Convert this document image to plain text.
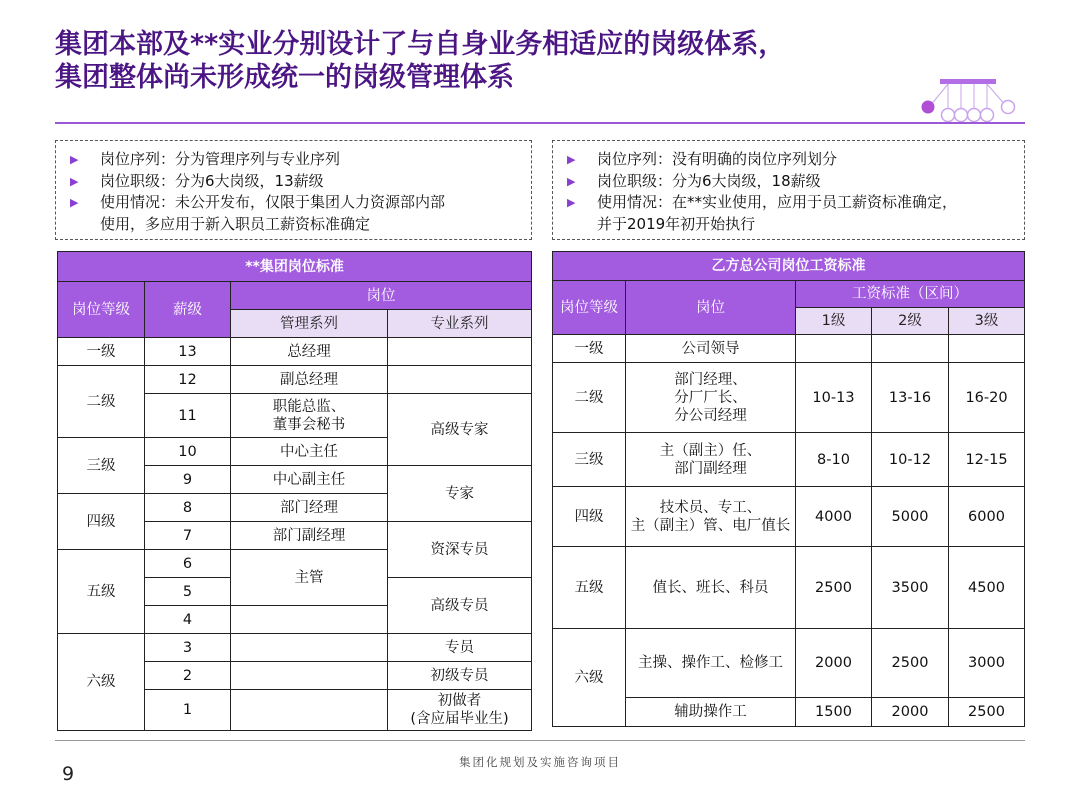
集团本部及**实业分别设计了与自身业务相适应的岗级体系，
集团整体尚未形成统一的岗级管理体系
▶ 岗位序列：分为管理序列与专业序列
▶ 岗位职级：分为6大岗级，13薪级
▶ 使用情况：未公开发布，仅限于集团人力资源部内部
使用，多应用于新入职员工薪资标准确定
▶ 岗位序列：没有明确的岗位序列划分
▶ 岗位职级：分为6大岗级，18薪级
▶ 使用情况：在**实业使用，应用于员工薪资标准确定，
并于2019年初开始执行
**集团岗位标准			
岗位等级	薪级	岗位	
		管理系列	专业系列
一级	13	总经理	
二级	12	副总经理	
	11	职能总监、
董事会秘书	高级专家
三级	10	中心主任	
	9	中心副主任	专家
四级	8	部门经理	
	7	部门副经理	资深专员
五级	6	主管	
	5		高级专员
	4		
六级	3		专员
	2		初级专员
	1		初做者
(含应届毕业生)
乙方总公司岗位工资标准				
岗位等级	岗位	工资标准（区间）		
		1级	2级	3级
一级	公司领导			
二级	部门经理、
分厂厂长、
分公司经理	10-13	13-16	16-20
三级	主（副主）任、
部门副经理	8-10	10-12	12-15
四级	技术员、专工、
主（副主）管、电厂值长	4000	5000	6000
五级	值长、班长、科员	2500	3500	4500
六级	主操、操作工、检修工	2000	2500	3000
	辅助操作工	1500	2000	2500
集团化规划及实施咨询项目
9
